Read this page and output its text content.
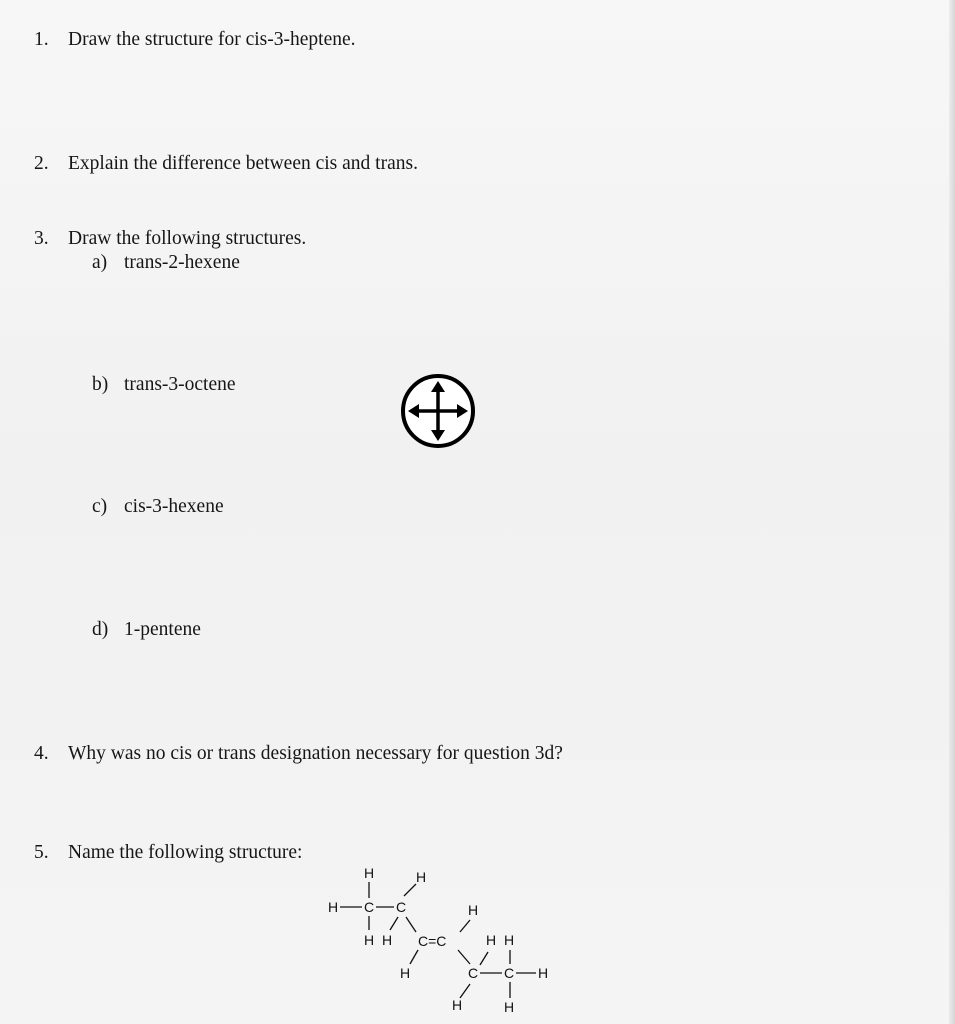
1. Draw the structure for cis-3-heptene.
2. Explain the difference between cis and trans.
3. Draw the following structures.
a) trans-2-hexene
b) trans-3-octene
c) cis-3-hexene
d) 1-pentene
4. Why was no cis or trans designation necessary for question 3d?
5. Name the following structure:
H
H C
H
C
H
H C=C
H
H
C
H
H
C
H
H
H
